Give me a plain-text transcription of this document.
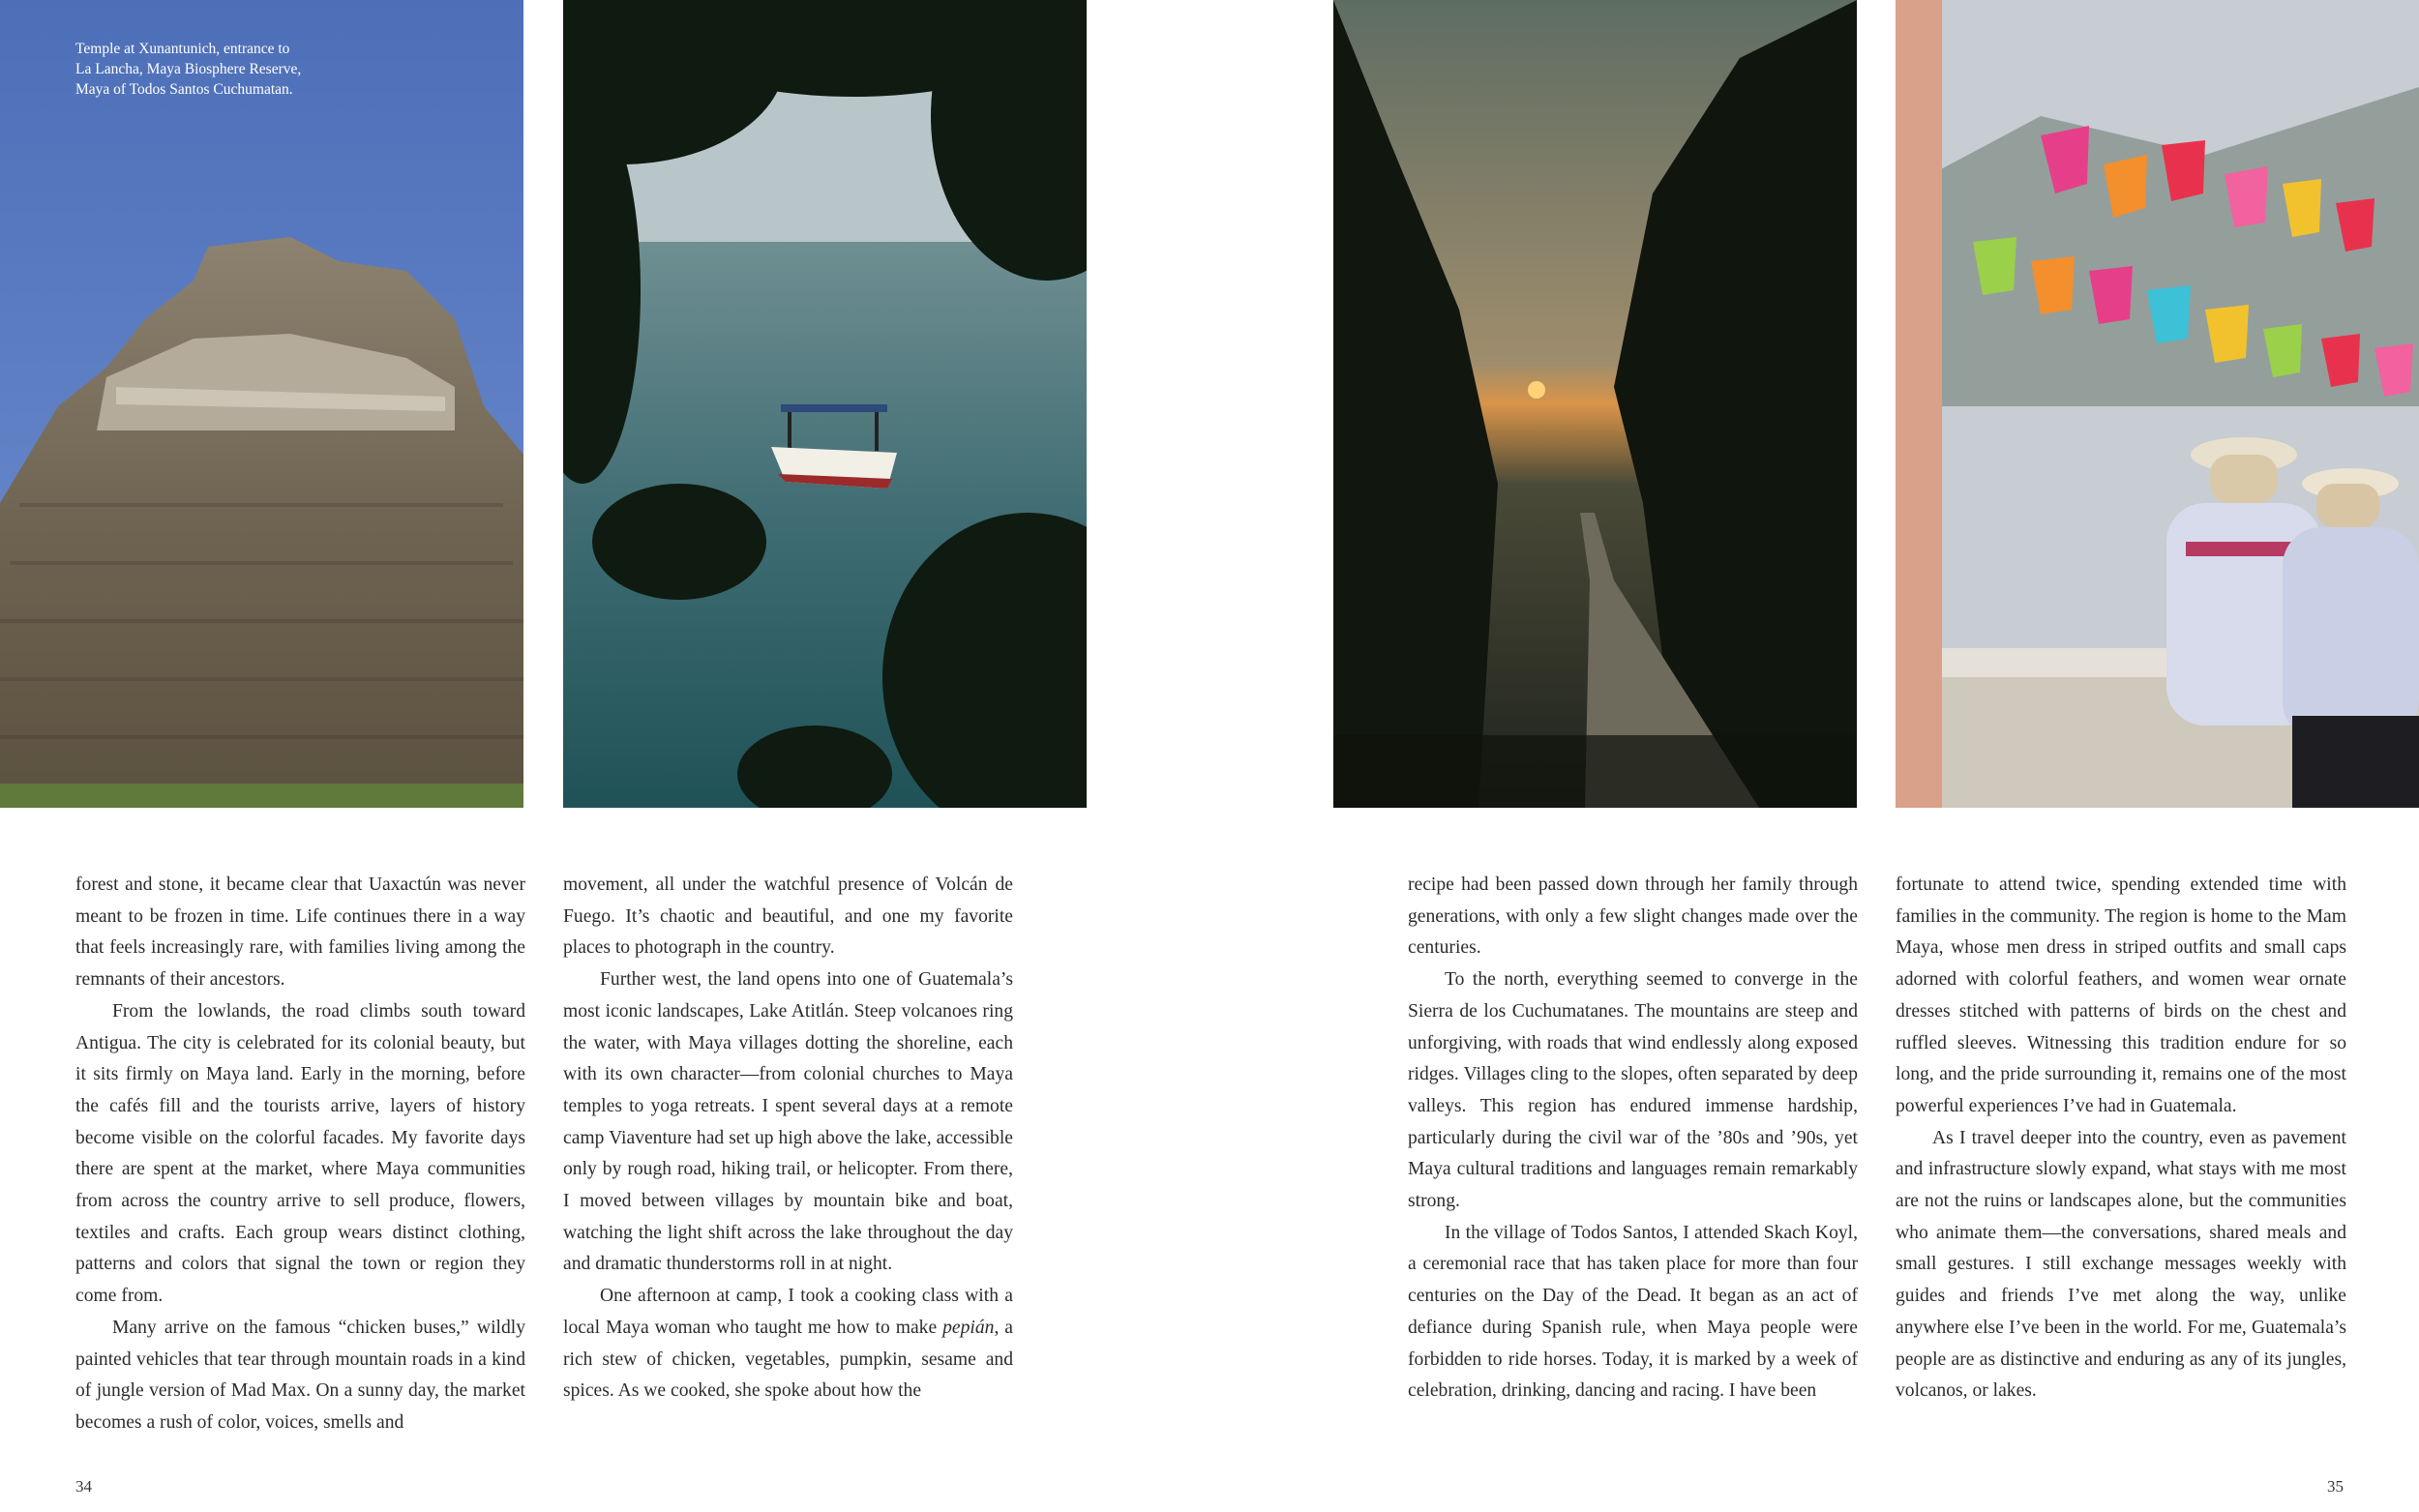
Temple at Xunantunich, entrance to
La Lancha, Maya Biosphere Reserve,
Maya of Todos Santos Cuchumatan.

forest and stone, it became clear that Uaxactún was never meant to be frozen in time. Life continues there in a way that feels increasingly rare, with families living among the remnants of their ancestors.

From the lowlands, the road climbs south toward Antigua. The city is celebrated for its colonial beauty, but it sits firmly on Maya land. Early in the morning, before the cafés fill and the tourists arrive, layers of history become visible on the colorful facades. My favorite days there are spent at the market, where Maya communities from across the country arrive to sell produce, flowers, textiles and crafts. Each group wears distinct clothing, patterns and colors that signal the town or region they come from.

Many arrive on the famous “chicken buses,” wildly painted vehicles that tear through mountain roads in a kind of jungle version of Mad Max. On a sunny day, the market becomes a rush of color, voices, smells and

movement, all under the watchful presence of Volcán de Fuego. It’s chaotic and beautiful, and one my favorite places to photograph in the country.

Further west, the land opens into one of Guatemala’s most iconic landscapes, Lake Atitlán. Steep volcanoes ring the water, with Maya villages dotting the shoreline, each with its own character—from colonial churches to Maya temples to yoga retreats. I spent several days at a remote camp Viaventure had set up high above the lake, accessible only by rough road, hiking trail, or helicopter. From there, I moved between villages by mountain bike and boat, watching the light shift across the lake throughout the day and dramatic thunderstorms roll in at night.

One afternoon at camp, I took a cooking class with a local Maya woman who taught me how to make pepián, a rich stew of chicken, vegetables, pumpkin, sesame and spices. As we cooked, she spoke about how the

recipe had been passed down through her family through generations, with only a few slight changes made over the centuries.

To the north, everything seemed to converge in the Sierra de los Cuchumatanes. The mountains are steep and unforgiving, with roads that wind endlessly along exposed ridges. Villages cling to the slopes, often separated by deep valleys. This region has endured immense hardship, particularly during the civil war of the ’80s and ’90s, yet Maya cultural traditions and languages remain remarkably strong.

In the village of Todos Santos, I attended Skach Koyl, a ceremonial race that has taken place for more than four centuries on the Day of the Dead. It began as an act of defiance during Spanish rule, when Maya people were forbidden to ride horses. Today, it is marked by a week of celebration, drinking, dancing and racing. I have been

fortunate to attend twice, spending extended time with families in the community. The region is home to the Mam Maya, whose men dress in striped outfits and small caps adorned with colorful feathers, and women wear ornate dresses stitched with patterns of birds on the chest and ruffled sleeves. Witnessing this tradition endure for so long, and the pride surrounding it, remains one of the most powerful experiences I’ve had in Guatemala.

As I travel deeper into the country, even as pavement and infrastructure slowly expand, what stays with me most are not the ruins or landscapes alone, but the communities who animate them—the conversations, shared meals and small gestures. I still exchange messages weekly with guides and friends I’ve met along the way, unlike anywhere else I’ve been in the world. For me, Guatemala’s people are as distinctive and enduring as any of its jungles, volcanos, or lakes.

34	35
